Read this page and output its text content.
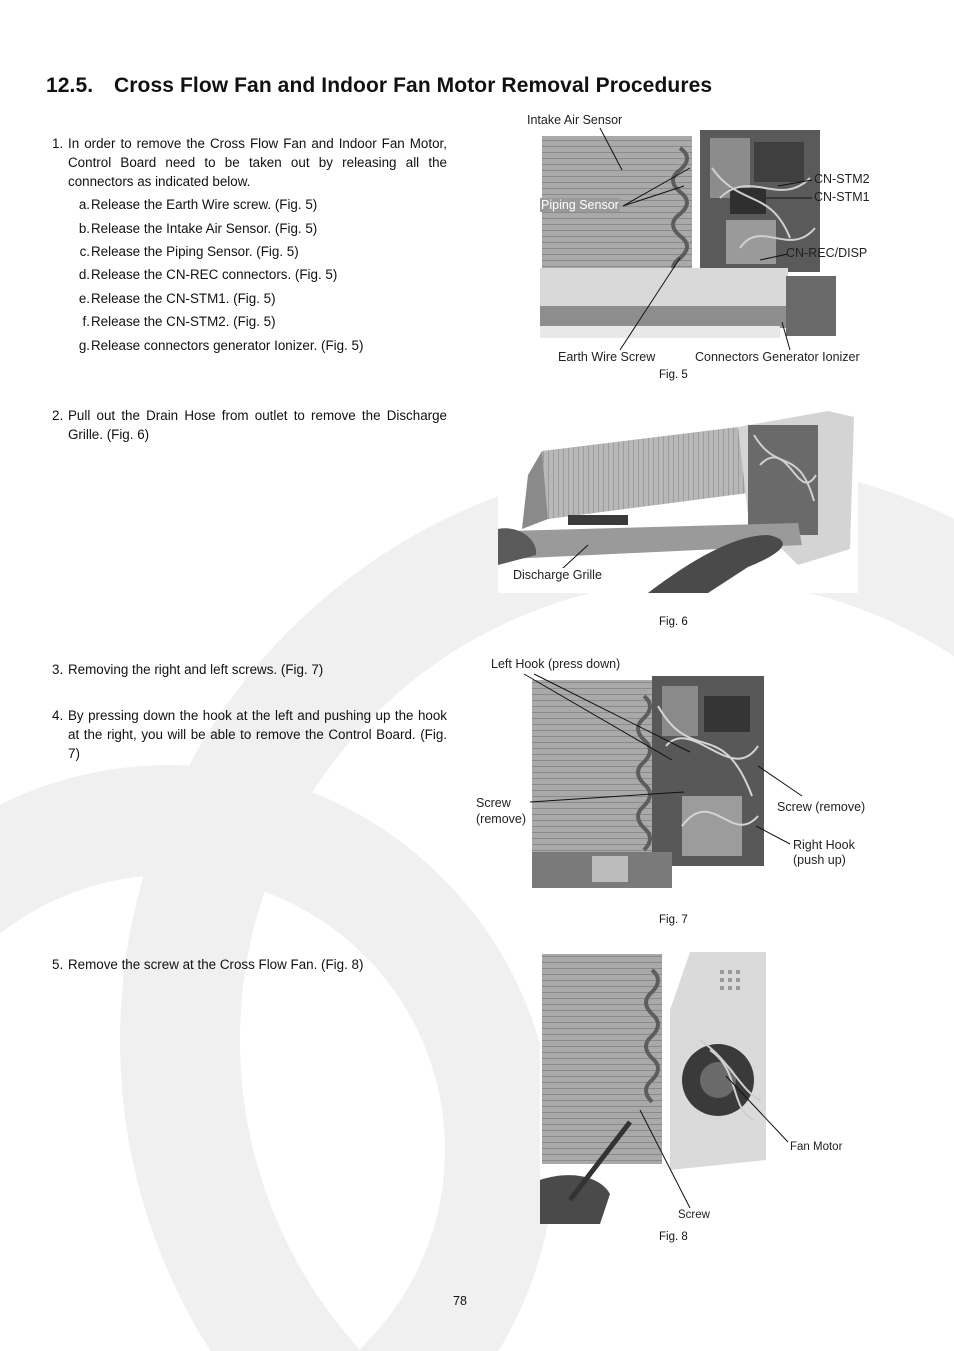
12.5. Cross Flow Fan and Indoor Fan Motor Removal Procedures
1. In order to remove the Cross Flow Fan and Indoor Fan Motor, Control Board need to be taken out by releasing all the connectors as indicated below.
a.Release the Earth Wire screw. (Fig. 5)
b.Release the Intake Air Sensor. (Fig. 5)
c.Release the Piping Sensor. (Fig. 5)
d.Release the CN-REC connectors. (Fig. 5)
e.Release the CN-STM1. (Fig. 5)
f.Release the CN-STM2. (Fig. 5)
g.Release connectors generator Ionizer. (Fig. 5)
2. Pull out the Drain Hose from outlet to remove the Discharge Grille. (Fig. 6)
3. Removing the right and left screws. (Fig. 7)
4. By pressing down the hook at the left and pushing up the hook at the right, you will be able to remove the Control Board. (Fig. 7)
5. Remove the screw at the Cross Flow Fan. (Fig. 8)
Intake Air Sensor
Piping Sensor
CN-STM2
CN-STM1
CN-REC/DISP
Earth Wire Screw	Connectors Generator Ionizer
Fig. 5
Discharge Grille
Fig. 6
Left Hook (press down)
Screw
(remove)
Screw (remove)
Right Hook
(push up)
Fig. 7
Fan Motor
Screw
Fig. 8
78
